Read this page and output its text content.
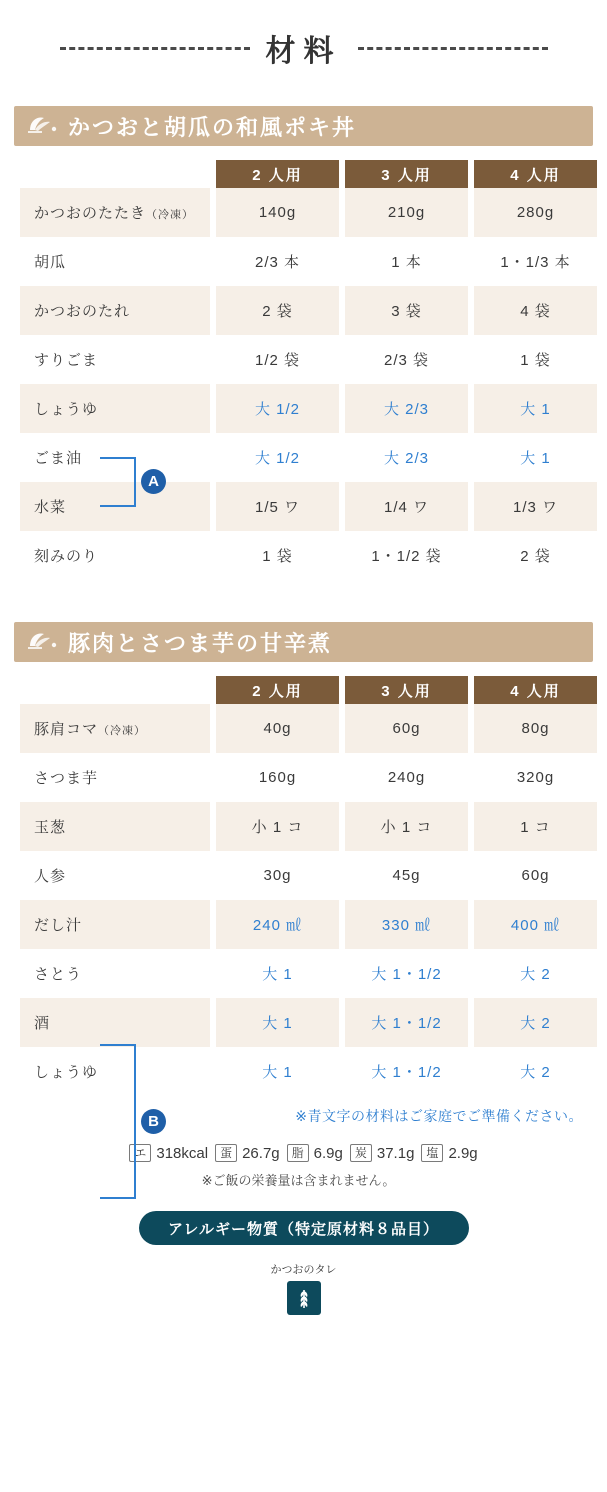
材料
かつおと胡瓜の和風ポキ丼
	2 人用	3 人用	4 人用
かつおのたたき（冷凍）	140g	210g	280g
胡瓜	2/3 本	1 本	1・1/3 本
かつおのたれ	2 袋	3 袋	4 袋
すりごま	1/2 袋	2/3 袋	1 袋
しょうゆ	大 1/2	大 2/3	大 1
ごま油	大 1/2	大 2/3	大 1
水菜	1/5 ワ	1/4 ワ	1/3 ワ
刻みのり	1 袋	1・1/2 袋	2 袋
A
豚肉とさつま芋の甘辛煮
	2 人用	3 人用	4 人用
豚肩コマ（冷凍）	40g	60g	80g
さつま芋	160g	240g	320g
玉葱	小 1 コ	小 1 コ	1 コ
人参	30g	45g	60g
だし汁	240 ㎖	330 ㎖	400 ㎖
さとう	大 1	大 1・1/2	大 2
酒	大 1	大 1・1/2	大 2
しょうゆ	大 1	大 1・1/2	大 2
B	※青文字の材料はご家庭でご準備ください。
エ 318kcal	蛋 26.7g	脂 6.9g	炭 37.1g	塩 2.9g
※ご飯の栄養量は含まれません。
アレルギー物質（特定原材料８品目）
かつおのタレ
